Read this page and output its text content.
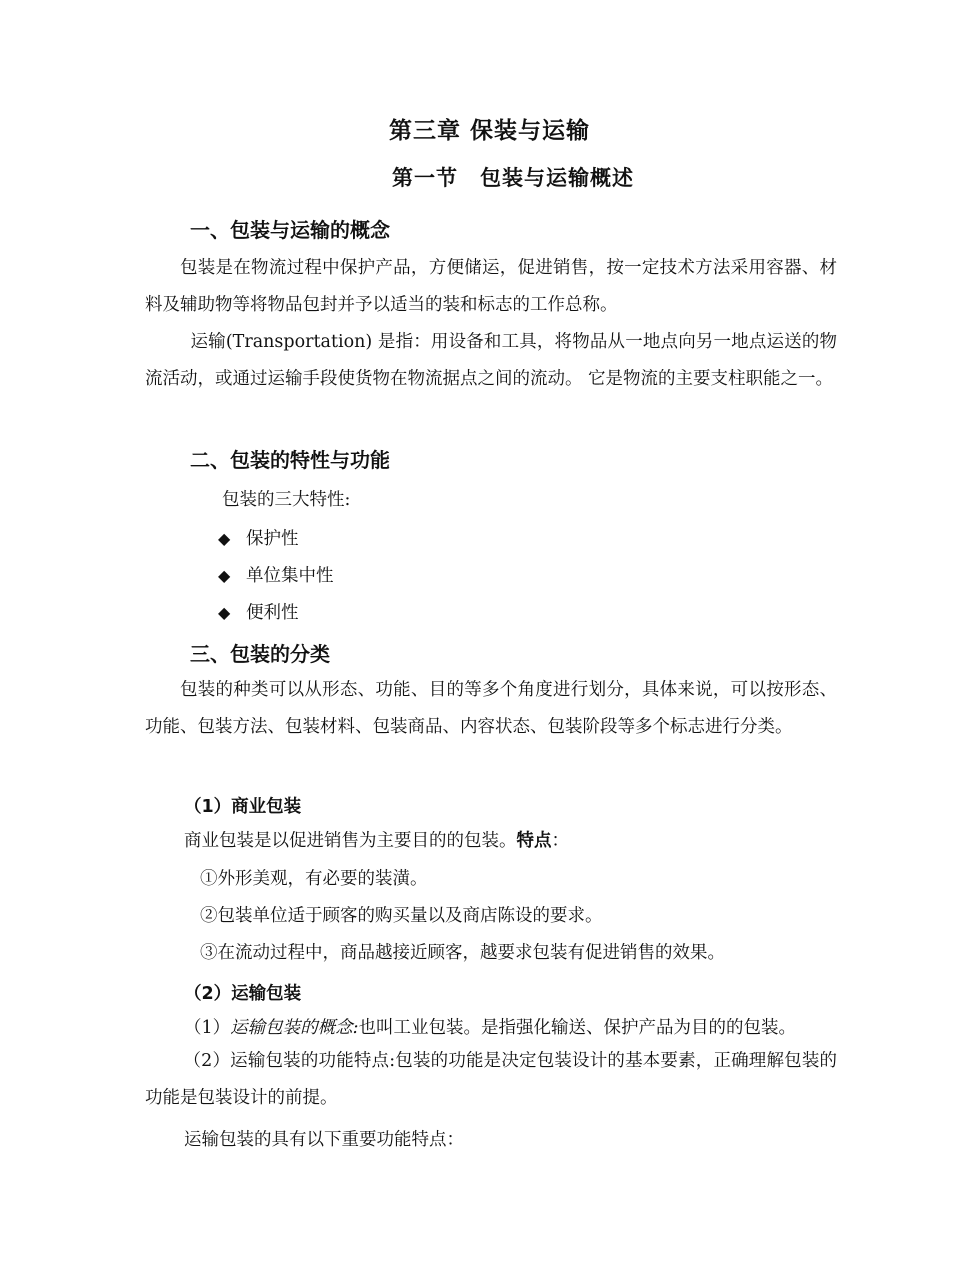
第三章 保装与运输
第一节　包装与运输概述
一、包装与运输的概念

包装是在物流过程中保护产品，方便储运，促进销售，按一定技术方法采用容器、材料及辅助物等将物品包封并予以适当的装和标志的工作总称。

运输(Transportation) 是指：用设备和工具，将物品从一地点向另一地点运送的物流活动，或通过运输手段使货物在物流据点之间的流动。 它是物流的主要支柱职能之一。

二、包装的特性与功能
包装的三大特性:
◆ 保护性
◆ 单位集中性
◆ 便利性
三、包装的分类

包装的种类可以从形态、功能、目的等多个角度进行划分，具体来说，可以按形态、功能、包装方法、包装材料、包装商品、内容状态、包装阶段等多个标志进行分类。

（1）商业包装
商业包装是以促进销售为主要目的的包装。特点：
①外形美观，有必要的装潢。
②包装单位适于顾客的购买量以及商店陈设的要求。
③在流动过程中，商品越接近顾客，越要求包装有促进销售的效果。
（2）运输包装
（1）运输包装的概念:也叫工业包装。是指强化输送、保护产品为目的的包装。

（2）运输包装的功能特点:包装的功能是决定包装设计的基本要素，正确理解包装的功能是包装设计的前提。

运输包装的具有以下重要功能特点：
